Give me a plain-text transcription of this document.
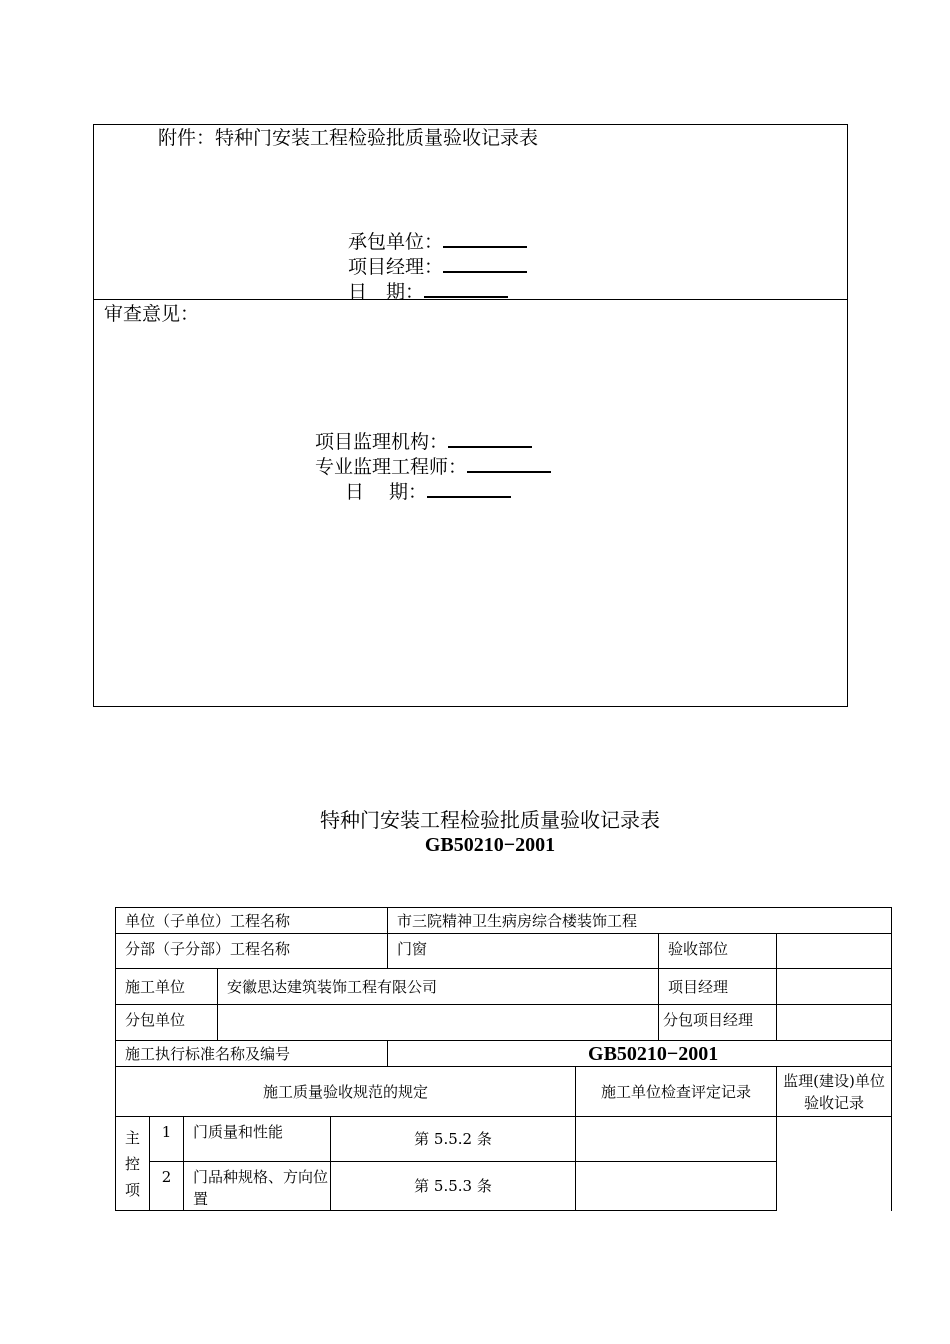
附件：特种门安装工程检验批质量验收记录表
承包单位：
项目经理：
日　期：
审查意见：
项目监理机构：
专业监理工程师：
日　 期：
特种门安装工程检验批质量验收记录表
GB50210−2001
单位（子单位）工程名称					市三院精神卫生病房综合楼装饰工程			
分部（子分部）工程名称					门窗		验收部位	
施工单位			安徽思达建筑装饰工程有限公司				项目经理	
分包单位							分包项目经理	
施工执行标准名称及编号					GB50210−2001			
施工质量验收规范的规定						施工单位检查评定记录		监理(建设)单位验收记录
主
控
项	1	门质量和性能		第 5.5.2 条				
	2	门品种规格、方向位置		第 5.5.3 条				
